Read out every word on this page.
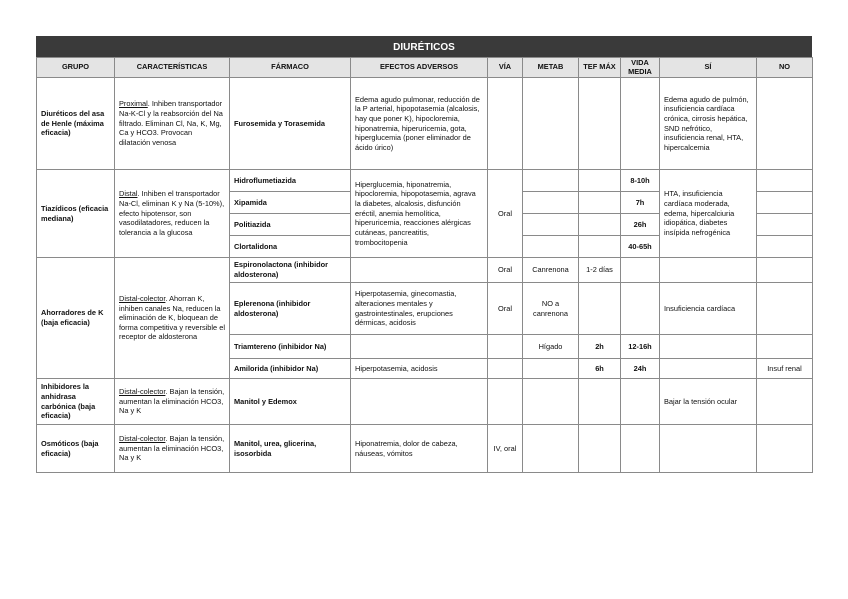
DIURÉTICOS
GRUPO	CARACTERÍSTICAS	FÁRMACO	EFECTOS ADVERSOS	VÍA	METAB	TEF MÁX	VIDA MEDIA	SÍ	NO
Diuréticos del asa de Henle (máxima eficacia)	Proximal. Inhiben transportador Na-K-Cl y la reabsorción del Na filtrado. Eliminan Cl, Na, K, Mg, Ca y HCO3. Provocan dilatación venosa	Furosemida y Torasemida	Edema agudo pulmonar, reducción de la P arterial, hipopotasemia (alcalosis, hay que poner K), hipocloremia, hiponatremia, hiperuricemia, gota, hiperglucemia (poner eliminador de ácido úrico)					Edema agudo de pulmón, insuficiencia cardíaca crónica, cirrosis hepática, SND nefrótico, insuficiencia renal, HTA, hipercalcemia	
Tiazídicos (eficacia mediana)	Distal. Inhiben el transportador Na-Cl, eliminan K y Na (5-10%), efecto hipotensor, son vasodilatadores, reducen la tolerancia a la glucosa	Hidroflumetiazida	Hiperglucemia, hiponatremia, hipocloremia, hipopotasemia, agrava la diabetes, alcalosis, disfunción eréctil, anemia hemolítica, hiperuricemia, reacciones alérgicas cutáneas, pancreatitis, trombocitopenia	Oral			8-10h	HTA, insuficiencia cardíaca moderada, edema, hipercalciuria idiopática, diabetes insípida nefrogénica	
		Xipamida					7h		
		Politiazida					26h		
		Clortalidona					40-65h		
Ahorradores de K (baja eficacia)	Distal-colector. Ahorran K, inhiben canales Na, reducen la eliminación de K, bloquean de forma competitiva y reversible el receptor de aldosterona	Espironolactona (inhibidor aldosterona)		Oral	Canrenona	1-2 días			
		Eplerenona (inhibidor aldosterona)	Hiperpotasemia, ginecomastia, alteraciones mentales y gastrointestinales, erupciones dérmicas, acidosis	Oral	NO a canrenona			Insuficiencia cardíaca	
		Triamtereno (inhibidor Na)			Hígado	2h	12-16h		
		Amilorida (inhibidor Na)	Hiperpotasemia, acidosis			6h	24h		Insuf renal
Inhibidores la anhidrasa carbónica (baja eficacia)	Distal-colector. Bajan la tensión, aumentan la eliminación HCO3, Na y K	Manitol y Edemox						Bajar la tensión ocular	
Osmóticos (baja eficacia)	Distal-colector. Bajan la tensión, aumentan la eliminación HCO3, Na y K	Manitol, urea, glicerina, isosorbida	Hiponatremia, dolor de cabeza, náuseas, vómitos	IV, oral					
